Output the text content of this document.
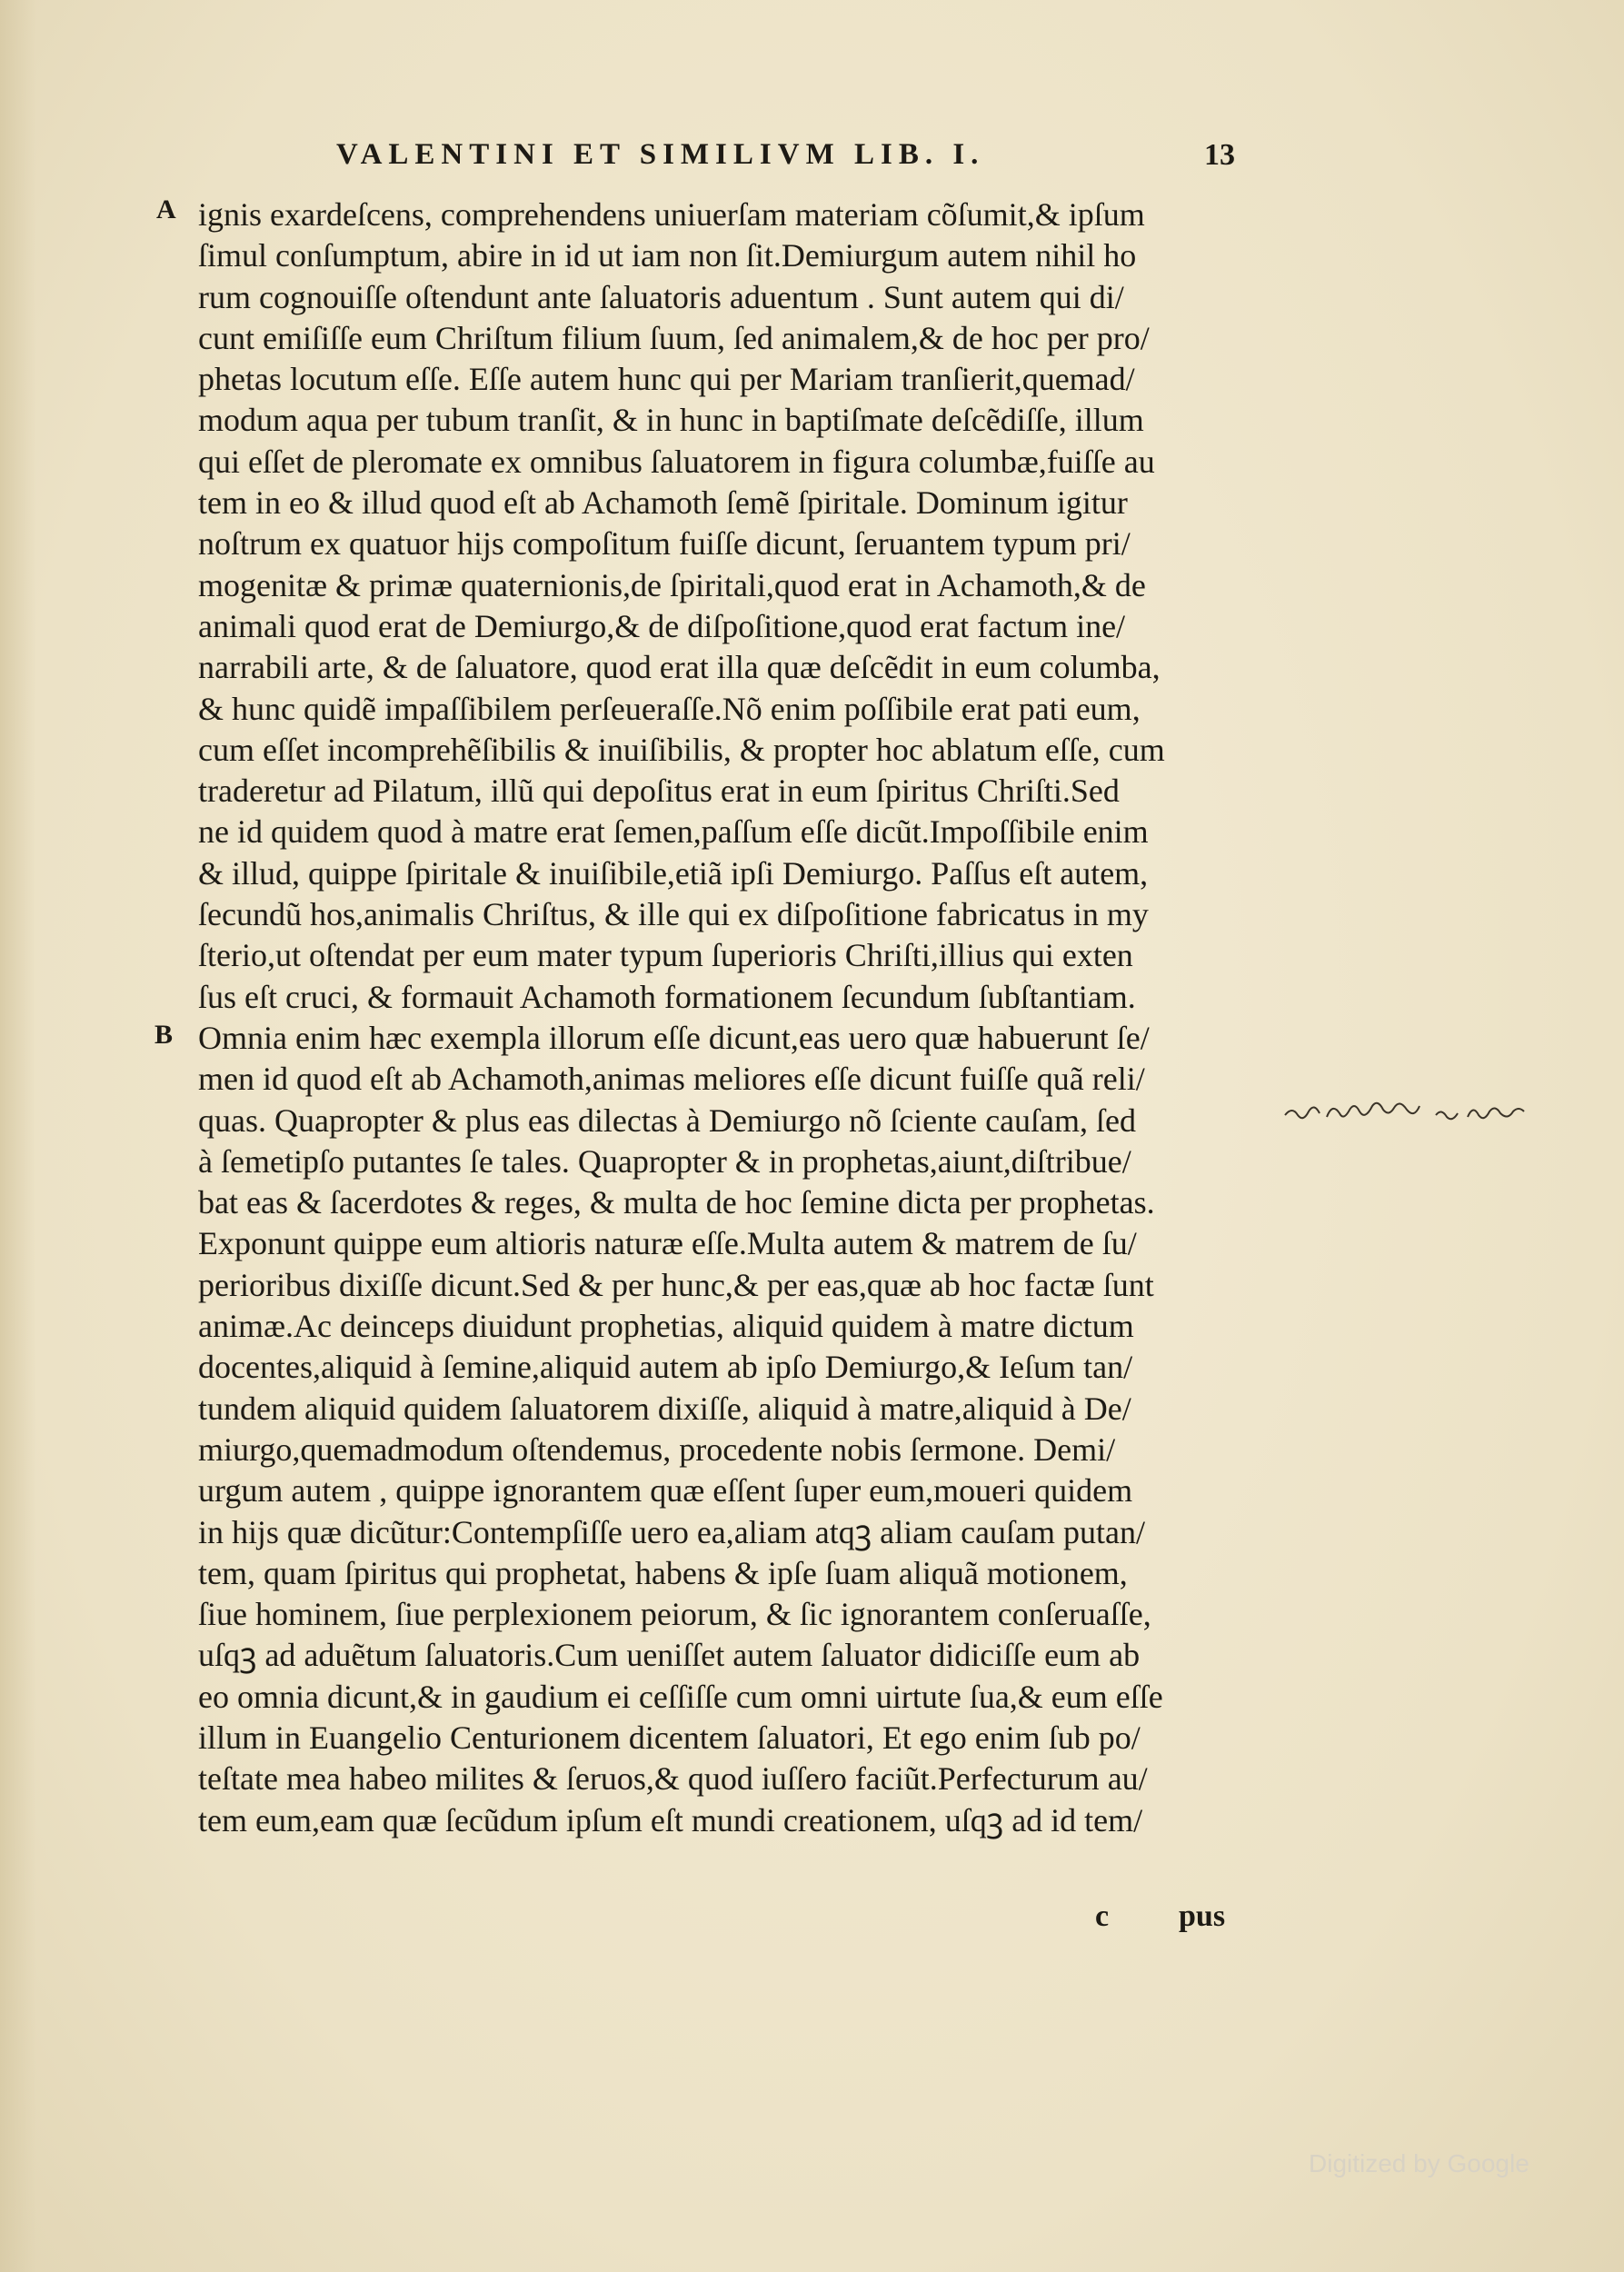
VALENTINI ET SIMILIVM LIB. I.	13
A
B
ignis exardeſcens, comprehendens uniuerſam materiam cõſumit,& ipſum
ſimul conſumptum, abire in id ut iam non ſit.Demiurgum autem nihil ho
rum cognouiſſe oſtendunt ante ſaluatoris aduentum . Sunt autem qui di/
cunt emiſiſſe eum Chriſtum filium ſuum, ſed animalem,& de hoc per pro/
phetas locutum eſſe. Eſſe autem hunc qui per Mariam tranſierit,quemad/
modum aqua per tubum tranſit, & in hunc in baptiſmate deſcẽdiſſe, illum
qui eſſet de pleromate ex omnibus ſaluatorem in figura columbæ,fuiſſe au
tem in eo & illud quod eſt ab Achamoth ſemẽ ſpiritale. Dominum igitur
noſtrum ex quatuor hĳs compoſitum fuiſſe dicunt, ſeruantem typum pri/
mogenitæ & primæ quaternionis,de ſpiritali,quod erat in Achamoth,& de
animali quod erat de Demiurgo,& de diſpoſitione,quod erat factum ine/
narrabili arte, & de ſaluatore, quod erat illa quæ deſcẽdit in eum columba,
& hunc quidẽ impaſſibilem perſeueraſſe.Nõ enim poſſibile erat pati eum,
cum eſſet incomprehẽſibilis & inuiſibilis, & propter hoc ablatum eſſe, cum
traderetur ad Pilatum, illũ qui depoſitus erat in eum ſpiritus Chriſti.Sed
ne id quidem quod à matre erat ſemen,paſſum eſſe dicũt.Impoſſibile enim
& illud, quippe ſpiritale & inuiſibile,etiã ipſi Demiurgo. Paſſus eſt autem,
ſecundũ hos,animalis Chriſtus, & ille qui ex diſpoſitione fabricatus in my
ſterio,ut oſtendat per eum mater typum ſuperioris Chriſti,illius qui exten
ſus eſt cruci, & formauit Achamoth formationem ſecundum ſubſtantiam.
Omnia enim hæc exempla illorum eſſe dicunt,eas uero quæ habuerunt ſe/
men id quod eſt ab Achamoth,animas meliores eſſe dicunt fuiſſe quã reli/
quas. Quapropter & plus eas dilectas à Demiurgo nõ ſciente cauſam, ſed
à ſemetipſo putantes ſe tales. Quapropter & in prophetas,aiunt,diſtribue/
bat eas & ſacerdotes & reges, & multa de hoc ſemine dicta per prophetas.
Exponunt quippe eum altioris naturæ eſſe.Multa autem & matrem de ſu/
perioribus dixiſſe dicunt.Sed & per hunc,& per eas,quæ ab hoc factæ ſunt
animæ.Ac deinceps diuidunt prophetias, aliquid quidem à matre dictum
docentes,aliquid à ſemine,aliquid autem ab ipſo Demiurgo,& Ieſum tan/
tundem aliquid quidem ſaluatorem dixiſſe, aliquid à matre,aliquid à De/
miurgo,quemadmodum oſtendemus, procedente nobis ſermone. Demi/
urgum autem , quippe ignorantem quæ eſſent ſuper eum,moueri quidem
in hĳs quæ dicũtur:Contempſiſſe uero ea,aliam atqꝫ aliam cauſam putan/
tem, quam ſpiritus qui prophetat, habens & ipſe ſuam aliquã motionem,
ſiue hominem, ſiue perplexionem peiorum, & ſic ignorantem conſeruaſſe,
uſqꝫ ad aduẽtum ſaluatoris.Cum ueniſſet autem ſaluator didiciſſe eum ab
eo omnia dicunt,& in gaudium ei ceſſiſſe cum omni uirtute ſua,& eum eſſe
illum in Euangelio Centurionem dicentem ſaluatori, Et ego enim ſub po/
teſtate mea habeo milites & ſeruos,& quod iuſſero faciũt.Perfecturum au/
tem eum,eam quæ ſecũdum ipſum eſt mundi creationem, uſqꝫ ad id tem/
c pus
Digitized by Google
